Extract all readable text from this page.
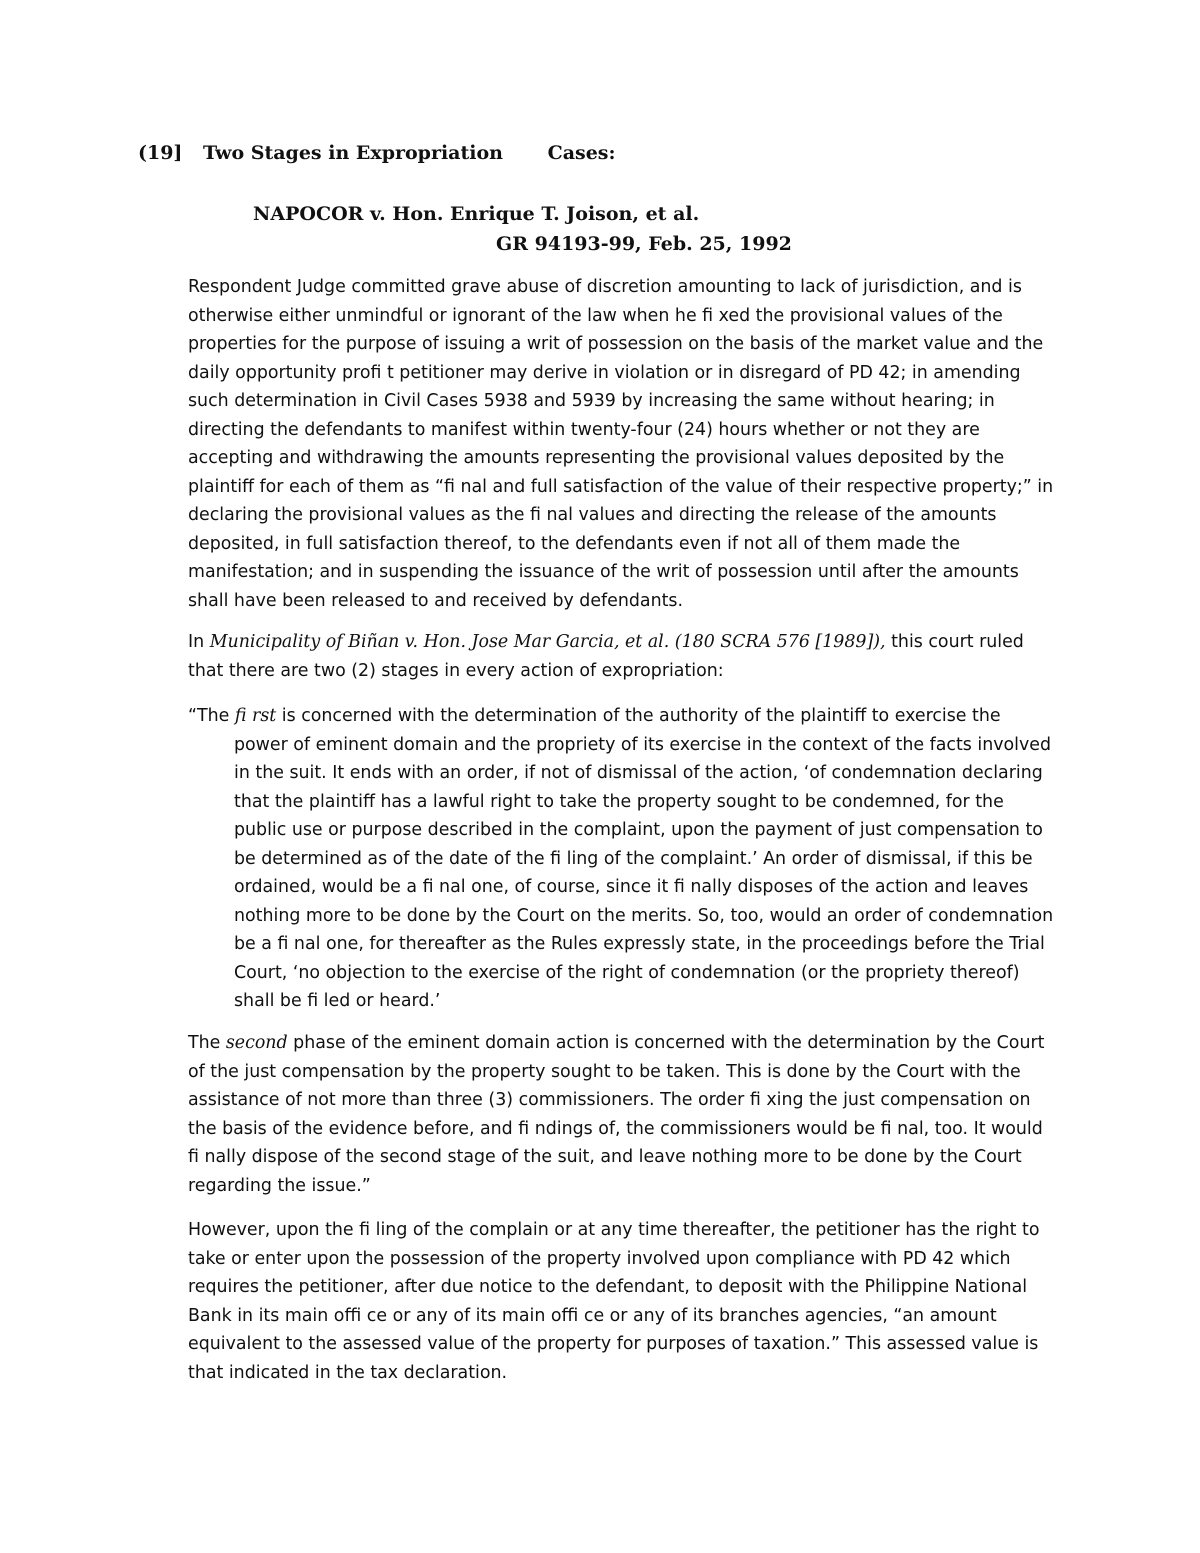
(19] Two Stages in Expropriation Cases:
NAPOCOR v. Hon. Enrique T. Joison, et al.
GR 94193-99, Feb. 25, 1992

Respondent Judge committed grave abuse of discretion amounting to lack of jurisdiction, and is otherwise either unmindful or ignorant of the law when he fi xed the provisional values of the properties for the purpose of issuing a writ of possession on the basis of the market value and the daily opportunity profi t petitioner may derive in violation or in disregard of PD 42; in amending such determination in Civil Cases 5938 and 5939 by increasing the same without hearing; in directing the defendants to manifest within twenty-four (24) hours whether or not they are accepting and withdrawing the amounts representing the provisional values deposited by the plaintiff for each of them as “fi nal and full satisfaction of the value of their respective property;” in declaring the provisional values as the fi nal values and directing the release of the amounts deposited, in full satisfaction thereof, to the defendants even if not all of them made the manifestation; and in suspending the issuance of the writ of possession until after the amounts shall have been released to and received by defendants.

In Municipality of Biñan v. Hon. Jose Mar Garcia, et al. (180 SCRA 576 [1989]), this court ruled that there are two (2) stages in every action of expropriation:

“The fi rst is concerned with the determination of the authority of the plaintiff to exercise the power of eminent domain and the propriety of its exercise in the context of the facts involved in the suit. It ends with an order, if not of dismissal of the action, ‘of condemnation declaring that the plaintiff has a lawful right to take the property sought to be condemned, for the public use or purpose described in the complaint, upon the payment of just compensation to be determined as of the date of the fi ling of the complaint.’ An order of dismissal, if this be ordained, would be a fi nal one, of course, since it fi nally disposes of the action and leaves nothing more to be done by the Court on the merits. So, too, would an order of condemnation be a fi nal one, for thereafter as the Rules expressly state, in the proceedings before the Trial Court, ‘no objection to the exercise of the right of condemnation (or the propriety thereof) shall be fi led or heard.’

The second phase of the eminent domain action is concerned with the determination by the Court of the just compensation by the property sought to be taken. This is done by the Court with the assistance of not more than three (3) commissioners. The order fi xing the just compensation on the basis of the evidence before, and fi ndings of, the commissioners would be fi nal, too. It would fi nally dispose of the second stage of the suit, and leave nothing more to be done by the Court regarding the issue.”

However, upon the fi ling of the complain or at any time thereafter, the petitioner has the right to take or enter upon the possession of the property involved upon compliance with PD 42 which requires the petitioner, after due notice to the defendant, to deposit with the Philippine National Bank in its main offi ce or any of its main offi ce or any of its branches agencies, “an amount equivalent to the assessed value of the property for purposes of taxation.” This assessed value is that indicated in the tax declaration.
